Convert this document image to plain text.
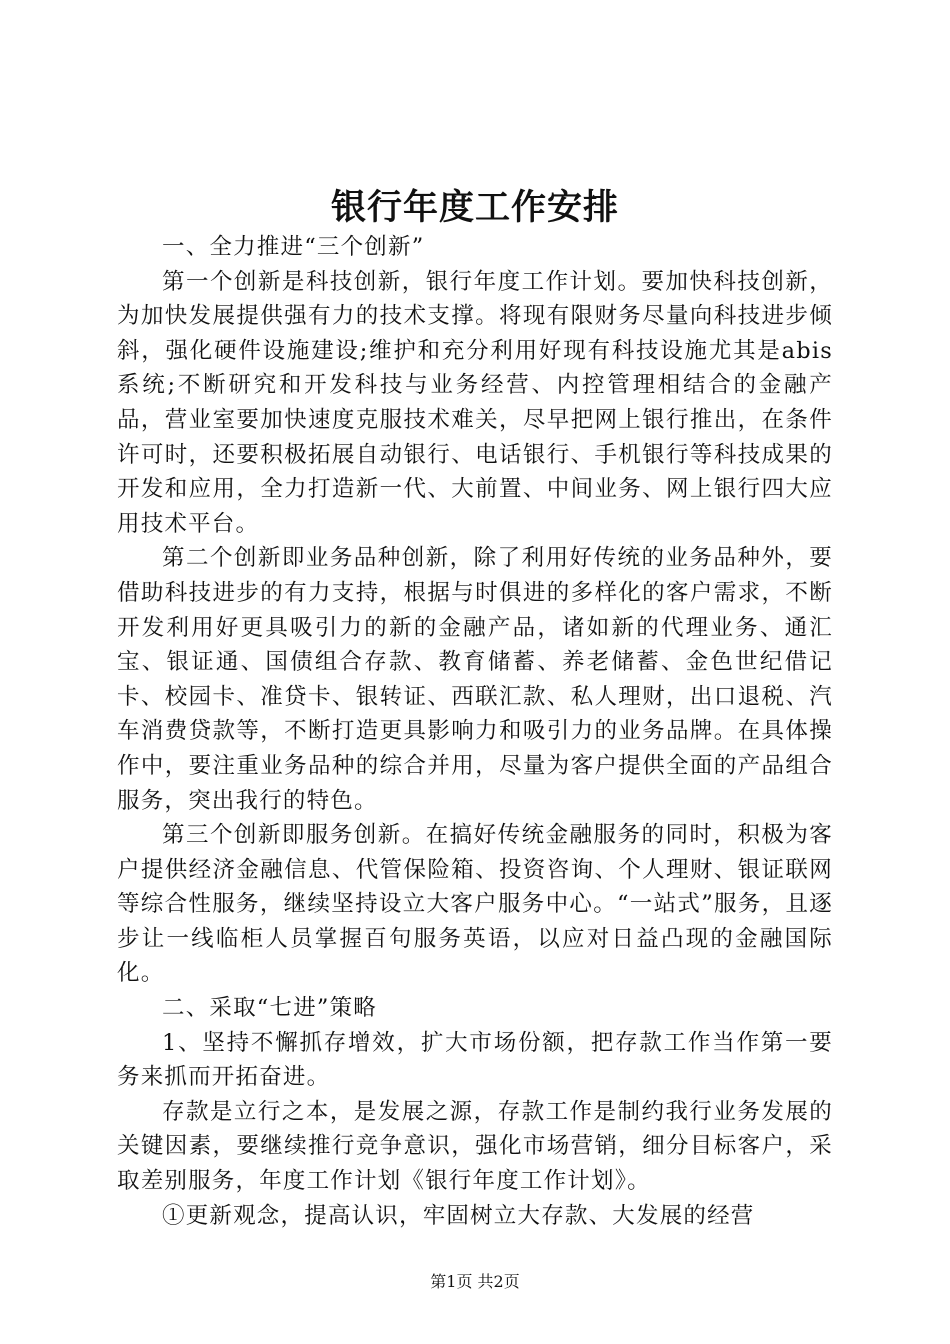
银行年度工作安排

一、全力推进“三个创新”

第一个创新是科技创新，银行年度工作计划。要加快科技创新，为加快发展提供强有力的技术支撑。将现有限财务尽量向科技进步倾斜，强化硬件设施建设;维护和充分利用好现有科技设施尤其是abis系统;不断研究和开发科技与业务经营、内控管理相结合的金融产品，营业室要加快速度克服技术难关，尽早把网上银行推出，在条件许可时，还要积极拓展自动银行、电话银行、手机银行等科技成果的开发和应用，全力打造新一代、大前置、中间业务、网上银行四大应用技术平台。

第二个创新即业务品种创新，除了利用好传统的业务品种外，要借助科技进步的有力支持，根据与时俱进的多样化的客户需求，不断开发利用好更具吸引力的新的金融产品，诸如新的代理业务、通汇宝、银证通、国债组合存款、教育储蓄、养老储蓄、金色世纪借记卡、校园卡、准贷卡、银转证、西联汇款、私人理财，出口退税、汽车消费贷款等，不断打造更具影响力和吸引力的业务品牌。在具体操作中，要注重业务品种的综合并用，尽量为客户提供全面的产品组合服务，突出我行的特色。

第三个创新即服务创新。在搞好传统金融服务的同时，积极为客户提供经济金融信息、代管保险箱、投资咨询、个人理财、银证联网等综合性服务，继续坚持设立大客户服务中心。“一站式”服务，且逐步让一线临柜人员掌握百句服务英语，以应对日益凸现的金融国际化。

二、采取“七进”策略

1、坚持不懈抓存增效，扩大市场份额，把存款工作当作第一要务来抓而开拓奋进。

存款是立行之本，是发展之源，存款工作是制约我行业务发展的关键因素，要继续推行竞争意识，强化市场营销，细分目标客户，采取差别服务，年度工作计划《银行年度工作计划》。

①更新观念，提高认识，牢固树立大存款、大发展的经营

第1页 共2页
